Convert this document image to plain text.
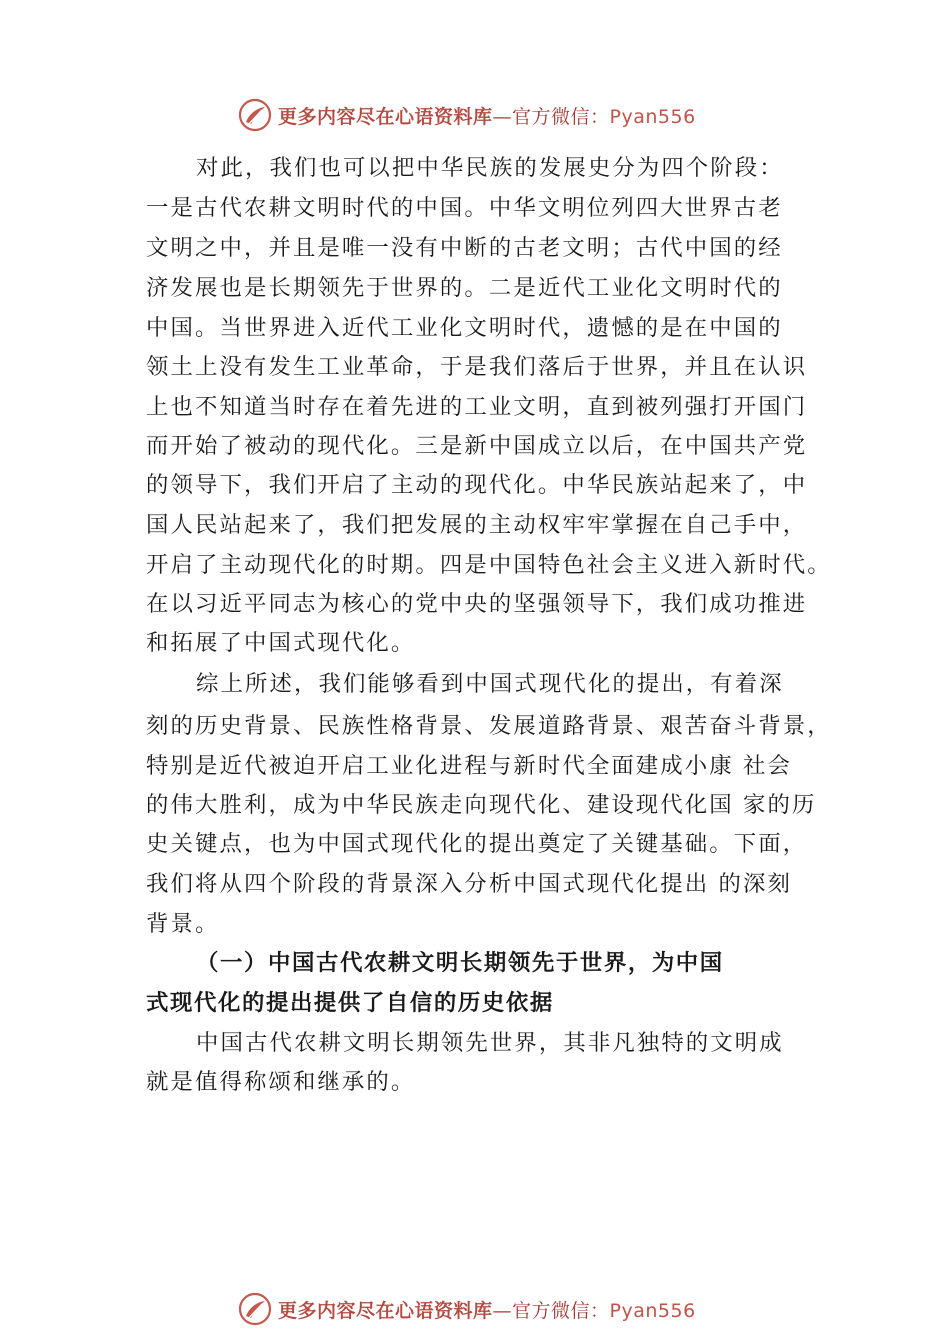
更多内容尽在心语资料库—官方微信：Pyan556
对此，我们也可以把中华民族的发展史分为四个阶段：
一是古代农耕文明时代的中国。中华文明位列四大世界古老
文明之中，并且是唯一没有中断的古老文明；古代中国的经
济发展也是长期领先于世界的。二是近代工业化文明时代的
中国。当世界进入近代工业化文明时代，遗憾的是在中国的
领土上没有发生工业革命，于是我们落后于世界，并且在认识
上也不知道当时存在着先进的工业文明，直到被列强打开国门
而开始了被动的现代化。三是新中国成立以后，在中国共产党
的领导下，我们开启了主动的现代化。中华民族站起来了，中
国人民站起来了，我们把发展的主动权牢牢掌握在自己手中，
开启了主动现代化的时期。四是中国特色社会主义进入新时代。
在以习近平同志为核心的党中央的坚强领导下，我们成功推进
和拓展了中国式现代化。
综上所述，我们能够看到中国式现代化的提出，有着深
刻的历史背景、民族性格背景、发展道路背景、艰苦奋斗背景，
特别是近代被迫开启工业化进程与新时代全面建成小康 社会
的伟大胜利，成为中华民族走向现代化、建设现代化国 家的历
史关键点，也为中国式现代化的提出奠定了关键基础。下面，
我们将从四个阶段的背景深入分析中国式现代化提出 的深刻
背景。
（一）中国古代农耕文明长期领先于世界，为中国
式现代化的提出提供了自信的历史依据
中国古代农耕文明长期领先世界，其非凡独特的文明成
就是值得称颂和继承的。
更多内容尽在心语资料库—官方微信：Pyan556
